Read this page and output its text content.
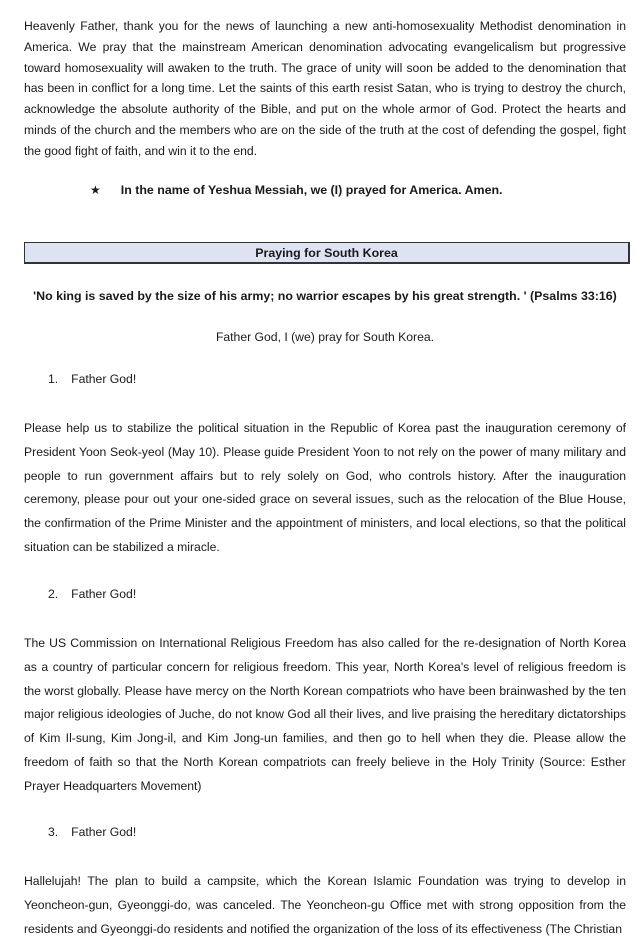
Heavenly Father, thank you for the news of launching a new anti-homosexuality Methodist denomination in America. We pray that the mainstream American denomination advocating evangelicalism but progressive toward homosexuality will awaken to the truth. The grace of unity will soon be added to the denomination that has been in conflict for a long time. Let the saints of this earth resist Satan, who is trying to destroy the church, acknowledge the absolute authority of the Bible, and put on the whole armor of God. Protect the hearts and minds of the church and the members who are on the side of the truth at the cost of defending the gospel, fight the good fight of faith, and win it to the end.

★ In the name of Yeshua Messiah, we (I) prayed for America. Amen.
Praying for South Korea
'No king is saved by the size of his army; no warrior escapes by his great strength. ' (Psalms 33:16)
Father God, I (we) pray for South Korea.
1. Father God!

Please help us to stabilize the political situation in the Republic of Korea past the inauguration ceremony of President Yoon Seok-yeol (May 10). Please guide President Yoon to not rely on the power of many military and people to run government affairs but to rely solely on God, who controls history. After the inauguration ceremony, please pour out your one-sided grace on several issues, such as the relocation of the Blue House, the confirmation of the Prime Minister and the appointment of ministers, and local elections, so that the political situation can be stabilized a miracle.

2. Father God!

The US Commission on International Religious Freedom has also called for the re-designation of North Korea as a country of particular concern for religious freedom. This year, North Korea's level of religious freedom is the worst globally. Please have mercy on the North Korean compatriots who have been brainwashed by the ten major religious ideologies of Juche, do not know God all their lives, and live praising the hereditary dictatorships of Kim Il-sung, Kim Jong-il, and Kim Jong-un families, and then go to hell when they die. Please allow the freedom of faith so that the North Korean compatriots can freely believe in the Holy Trinity (Source: Esther Prayer Headquarters Movement)

3. Father God!

Hallelujah! The plan to build a campsite, which the Korean Islamic Foundation was trying to develop in Yeoncheon-gun, Gyeonggi-do, was canceled. The Yeoncheon-gu Office met with strong opposition from the residents and Gyeonggi-do residents and notified the organization of the loss of its effectiveness (The Christian
